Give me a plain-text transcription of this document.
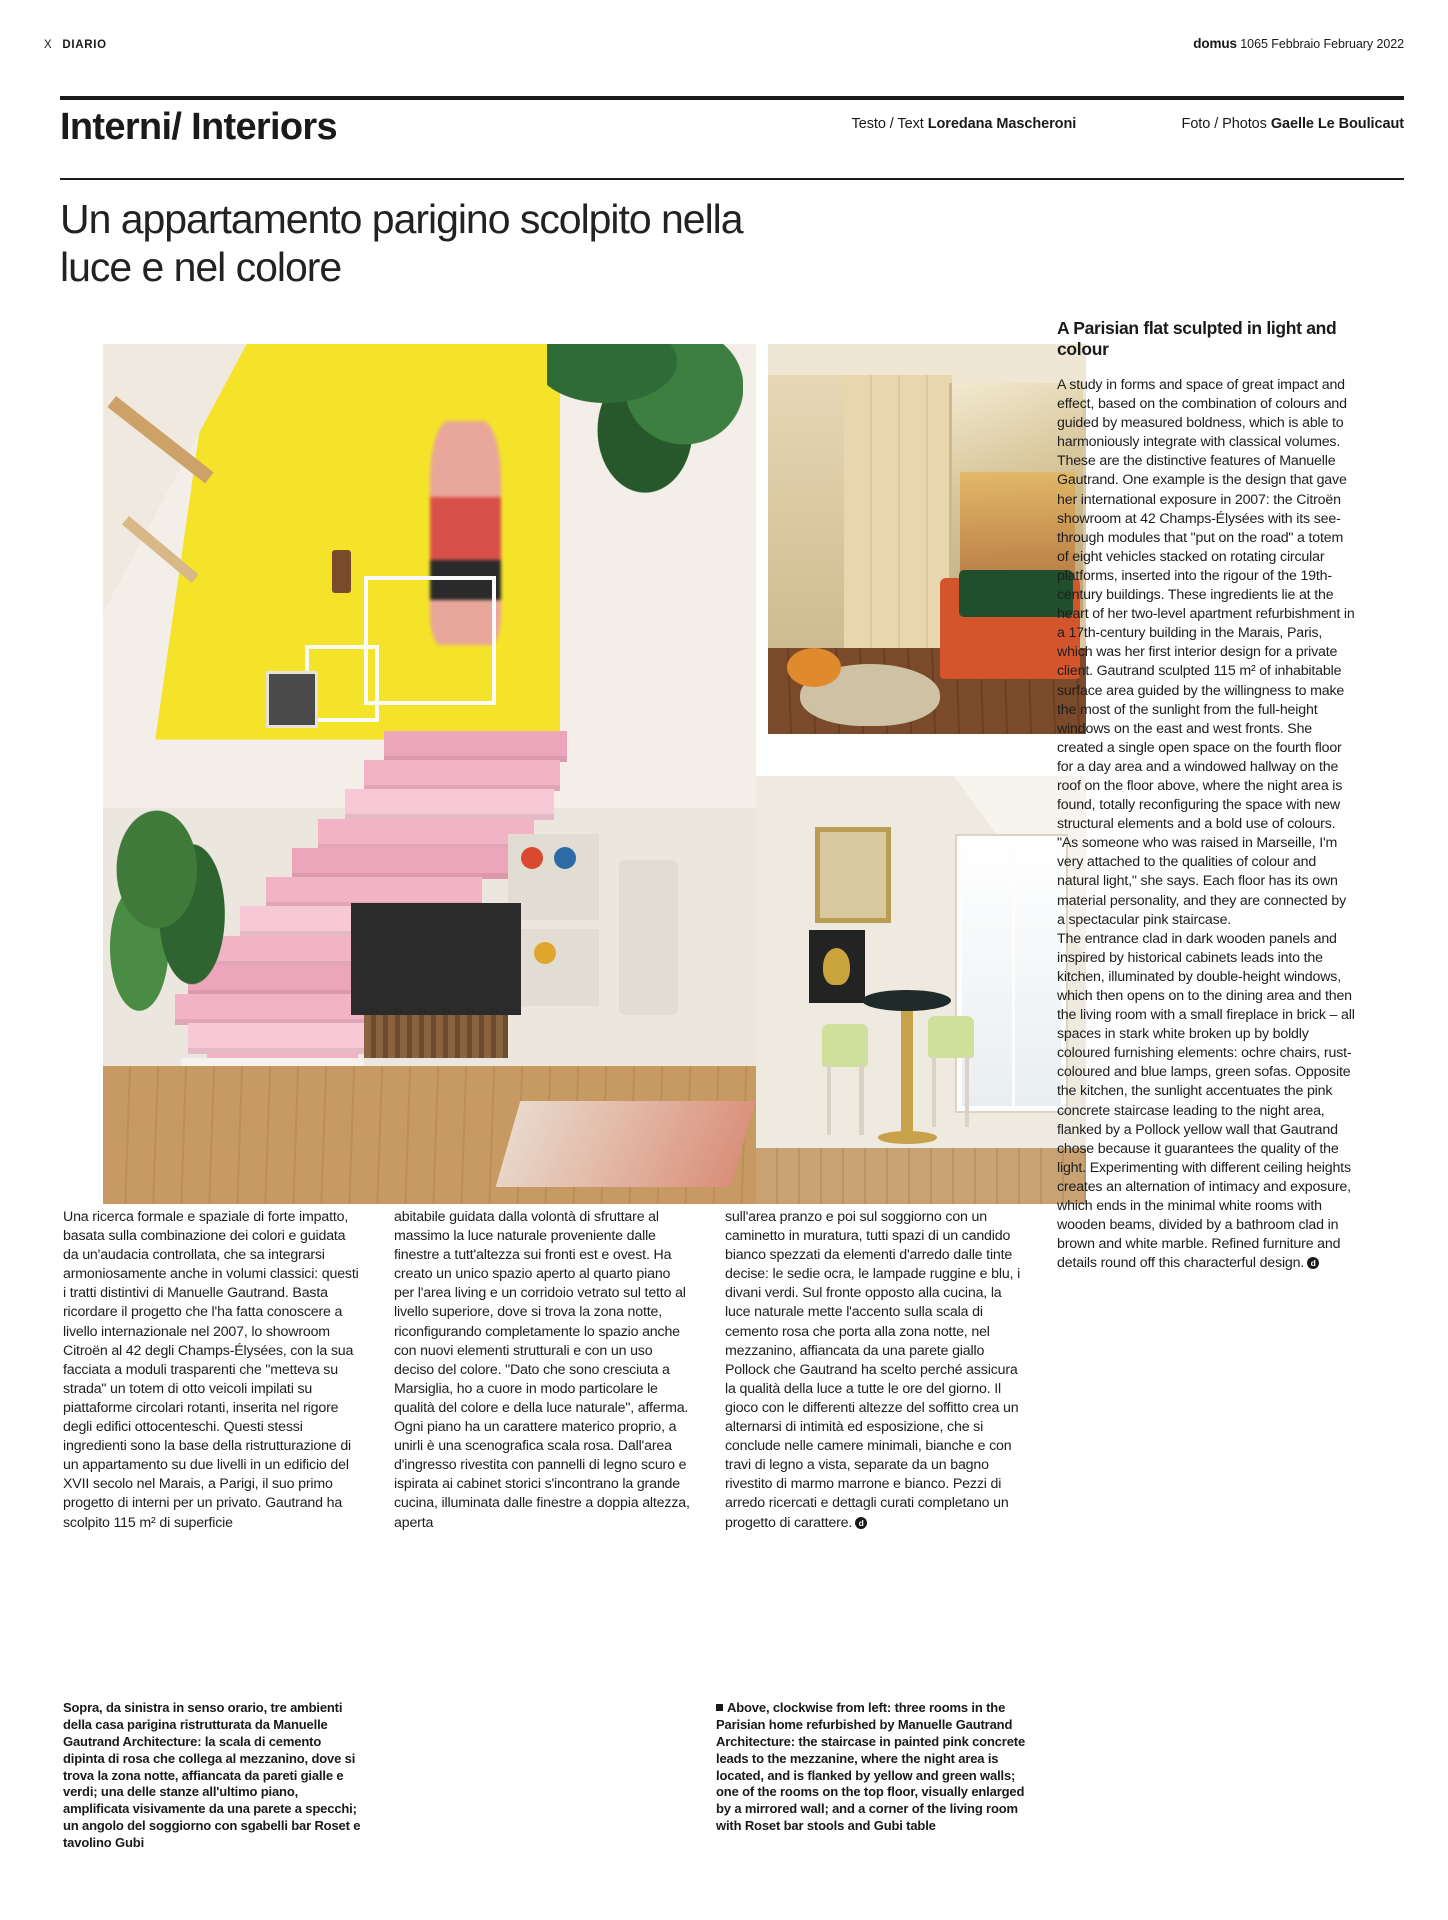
X DIARIO	domus 1065 Febbraio February 2022
Interni/ Interiors	Testo / Text Loredana Mascheroni	Foto / Photos Gaelle Le Boulicaut
Un appartamento parigino scolpito nella luce e nel colore

Una ricerca formale e spaziale di forte impatto, basata sulla combinazione dei colori e guidata da un'audacia controllata, che sa integrarsi armoniosamente anche in volumi classici: questi i tratti distintivi di Manuelle Gautrand. Basta ricordare il progetto che l'ha fatta conoscere a livello internazionale nel 2007, lo showroom Citroën al 42 degli Champs-Élysées, con la sua facciata a moduli trasparenti che "metteva su strada" un totem di otto veicoli impilati su piattaforme circolari rotanti, inserita nel rigore degli edifici ottocenteschi. Questi stessi ingredienti sono la base della ristrutturazione di un appartamento su due livelli in un edificio del XVII secolo nel Marais, a Parigi, il suo primo progetto di interni per un privato. Gautrand ha scolpito 115 m² di superficie

abitabile guidata dalla volontà di sfruttare al massimo la luce naturale proveniente dalle finestre a tutt'altezza sui fronti est e ovest. Ha creato un unico spazio aperto al quarto piano per l'area living e un corridoio vetrato sul tetto al livello superiore, dove si trova la zona notte, riconfigurando completamente lo spazio anche con nuovi elementi strutturali e con un uso deciso del colore. "Dato che sono cresciuta a Marsiglia, ho a cuore in modo particolare le qualità del colore e della luce naturale", afferma. Ogni piano ha un carattere materico proprio, a unirli è una scenografica scala rosa. Dall'area d'ingresso rivestita con pannelli di legno scuro e ispirata ai cabinet storici s'incontrano la grande cucina, illuminata dalle finestre a doppia altezza, aperta

sull'area pranzo e poi sul soggiorno con un caminetto in muratura, tutti spazi di un candido bianco spezzati da elementi d'arredo dalle tinte decise: le sedie ocra, le lampade ruggine e blu, i divani verdi. Sul fronte opposto alla cucina, la luce naturale mette l'accento sulla scala di cemento rosa che porta alla zona notte, nel mezzanino, affiancata da una parete giallo Pollock che Gautrand ha scelto perché assicura la qualità della luce a tutte le ore del giorno. Il gioco con le differenti altezze del soffitto crea un alternarsi di intimità ed esposizione, che si conclude nelle camere minimali, bianche e con travi di legno a vista, separate da un bagno rivestito di marmo marrone e bianco. Pezzi di arredo ricercati e dettagli curati completano un progetto di carattere. d

A Parisian flat sculpted in light and colour

A study in forms and space of great impact and effect, based on the combination of colours and guided by measured boldness, which is able to harmoniously integrate with classical volumes. These are the distinctive features of Manuelle Gautrand. One example is the design that gave her international exposure in 2007: the Citroën showroom at 42 Champs-Élysées with its see-through modules that "put on the road" a totem of eight vehicles stacked on rotating circular platforms, inserted into the rigour of the 19th-century buildings. These ingredients lie at the heart of her two-level apartment refurbishment in a 17th-century building in the Marais, Paris, which was her first interior design for a private client. Gautrand sculpted 115 m² of inhabitable surface area guided by the willingness to make the most of the sunlight from the full-height windows on the east and west fronts. She created a single open space on the fourth floor for a day area and a windowed hallway on the roof on the floor above, where the night area is found, totally reconfiguring the space with new structural elements and a bold use of colours.

"As someone who was raised in Marseille, I'm very attached to the qualities of colour and natural light," she says. Each floor has its own material personality, and they are connected by a spectacular pink staircase.

The entrance clad in dark wooden panels and inspired by historical cabinets leads into the kitchen, illuminated by double-height windows, which then opens on to the dining area and then the living room with a small fireplace in brick – all spaces in stark white broken up by boldly coloured furnishing elements: ochre chairs, rust-coloured and blue lamps, green sofas. Opposite the kitchen, the sunlight accentuates the pink concrete staircase leading to the night area, flanked by a Pollock yellow wall that Gautrand chose because it guarantees the quality of the light. Experimenting with different ceiling heights creates an alternation of intimacy and exposure, which ends in the minimal white rooms with wooden beams, divided by a bathroom clad in brown and white marble. Refined furniture and details round off this characterful design. d

Sopra, da sinistra in senso orario, tre ambienti della casa parigina ristrutturata da Manuelle Gautrand Architecture: la scala di cemento dipinta di rosa che collega al mezzanino, dove si trova la zona notte, affiancata da pareti gialle e verdi; una delle stanze all'ultimo piano, amplificata visivamente da una parete a specchi; un angolo del soggiorno con sgabelli bar Roset e tavolino Gubi

Above, clockwise from left: three rooms in the Parisian home refurbished by Manuelle Gautrand Architecture: the staircase in painted pink concrete leads to the mezzanine, where the night area is located, and is flanked by yellow and green walls; one of the rooms on the top floor, visually enlarged by a mirrored wall; and a corner of the living room with Roset bar stools and Gubi table
